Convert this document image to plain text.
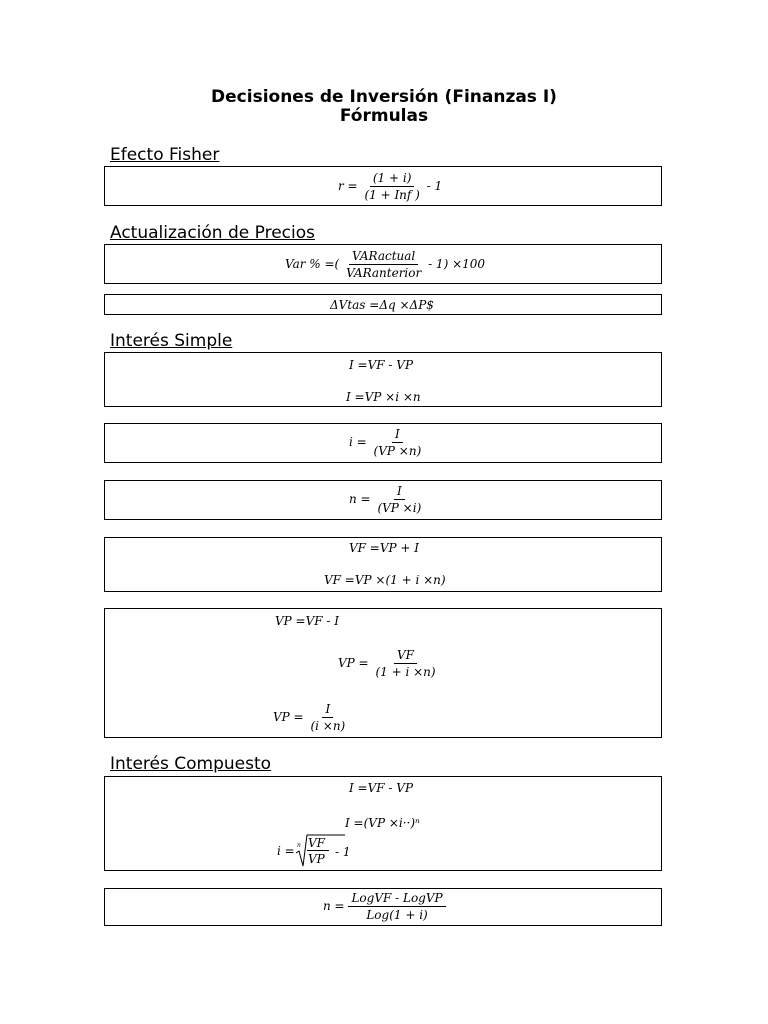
Decisiones de Inversión (Finanzas I)
Fórmulas
Efecto Fisher
$r = \frac{(1 + i)}{\text{(1 + Inf )}} - 1$
Actualización de Precios
Var % =( $\frac{\text{VARactual}}{\text{VARanterior}} - 1) \times 100$
ΔVtas =Δq ×ΔP$
Interés Simple
I =VF - VP
I =VP ×i ×n
$i = \frac{I}{(VP \times n)}$
$n = \frac{I}{(VP \times i)}$
VF =VP + I
VF =VP ×(1 + i ×n)
VP =VF - I
VP = $\frac{VF}{(1 + i \times n)}$
VP = $\frac{I}{(i \times n)}$
Interés Compuesto
I =VF - VP
I =(VP ×i··)ⁿ
i = n VF
VP - 1
$n = \frac{\text{LogVF - LogVP}}{\text{Log(1 + i)}}$
